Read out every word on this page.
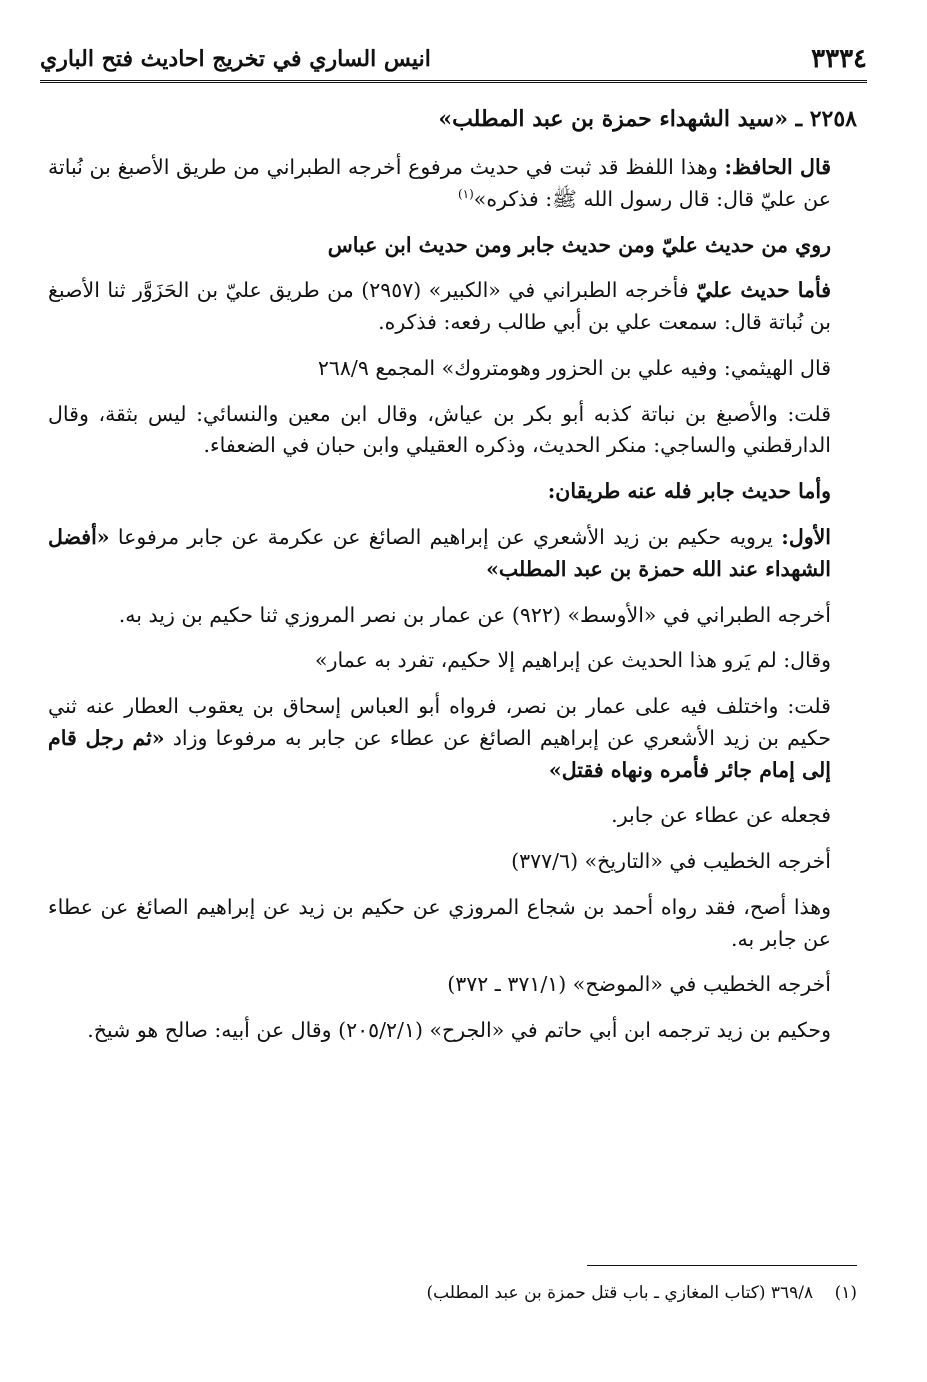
٣٣٣٤
انيس الساري في تخريج احاديث فتح الباري

٢٢٥٨ ـ «سيد الشهداء حمزة بن عبد المطلب»

قال الحافظ: وهذا اللفظ قد ثبت في حديث مرفوع أخرجه الطبراني من طريق الأصبغ بن نُباتة عن عليّ قال: قال رسول الله ﷺ: فذكره»$^{(١)}$

روي من حديث عليّ ومن حديث جابر ومن حديث ابن عباس

فأما حديث عليّ فأخرجه الطبراني في «الكبير» (٢٩٥٧) من طريق عليّ بن الحَزَوَّر ثنا الأصبغ بن نُباتة قال: سمعت علي بن أبي طالب رفعه: فذكره.

قال الهيثمي: وفيه علي بن الحزور وهومتروك» المجمع ٢٦٨/٩

قلت: والأصبغ بن نباتة كذبه أبو بكر بن عياش، وقال ابن معين والنسائي: ليس بثقة، وقال الدارقطني والساجي: منكر الحديث، وذكره العقيلي وابن حبان في الضعفاء.

وأما حديث جابر فله عنه طريقان:

الأول: يرويه حكيم بن زيد الأشعري عن إبراهيم الصائغ عن عكرمة عن جابر مرفوعا «أفضل الشهداء عند الله حمزة بن عبد المطلب»

أخرجه الطبراني في «الأوسط» (٩٢٢) عن عمار بن نصر المروزي ثنا حكيم بن زيد به.

وقال: لم يَرو هذا الحديث عن إبراهيم إلا حكيم، تفرد به عمار»

قلت: واختلف فيه على عمار بن نصر، فرواه أبو العباس إسحاق بن يعقوب العطار عنه ثني حكيم بن زيد الأشعري عن إبراهيم الصائغ عن عطاء عن جابر به مرفوعا وزاد «ثم رجل قام إلى إمام جائر فأمره ونهاه فقتل»

فجعله عن عطاء عن جابر.

أخرجه الخطيب في «التاريخ» (٣٧٧/٦)

وهذا أصح، فقد رواه أحمد بن شجاع المروزي عن حكيم بن زيد عن إبراهيم الصائغ عن عطاء عن جابر به.

أخرجه الخطيب في «الموضح» (٣٧١/١ ـ ٣٧٢)

وحكيم بن زيد ترجمه ابن أبي حاتم في «الجرح» (٢٠٥/٢/١) وقال عن أبيه: صالح هو شيخ.

(١) ٣٦٩/٨ (كتاب المغازي ـ باب قتل حمزة بن عبد المطلب)
